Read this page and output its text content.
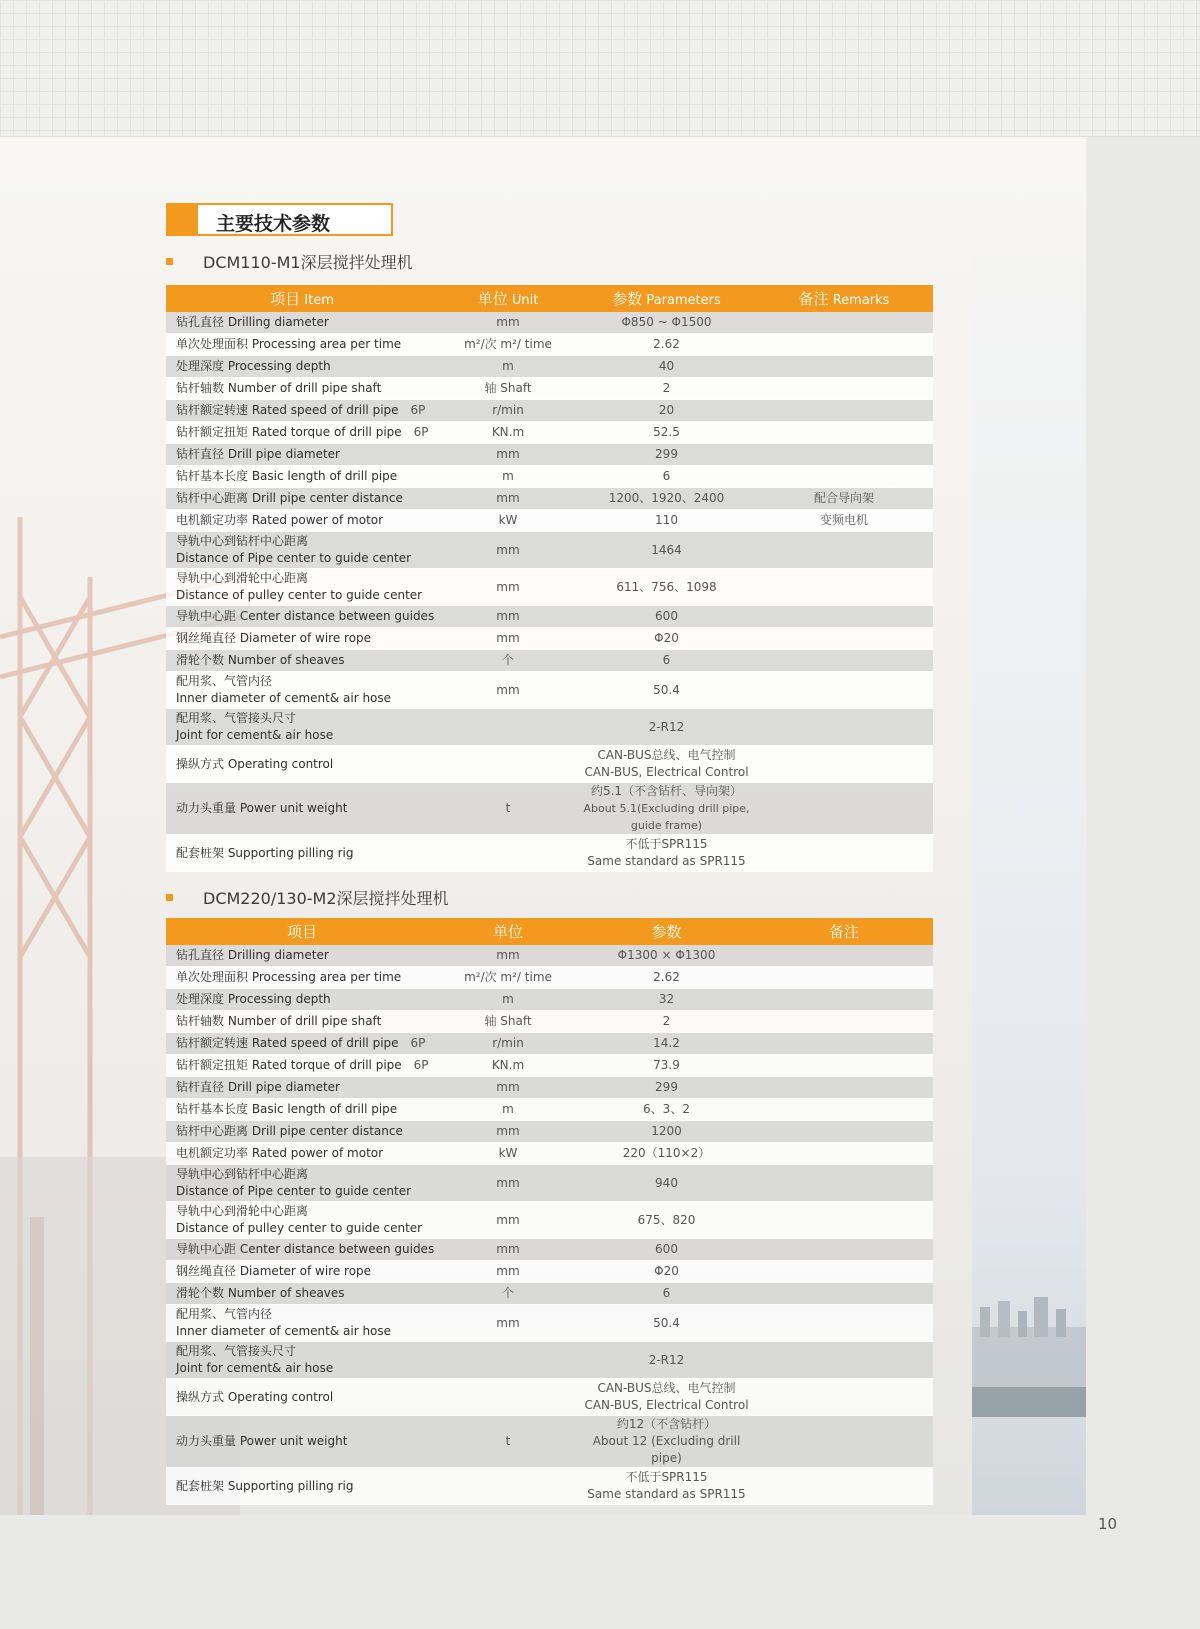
主要技术参数
DCM110-M1深层搅拌处理机
项目 Item	单位 Unit	参数 Parameters	备注 Remarks
钻孔直径 Drilling diameter	mm	Φ850 ~ Φ1500	
单次处理面积 Processing area per time	m²/次 m²/ time	2.62	
处理深度 Processing depth	m	40	
钻杆轴数 Number of drill pipe shaft	轴 Shaft	2	
钻杆额定转速 Rated speed of drill pipe 6P	r/min	20	
钻杆额定扭矩 Rated torque of drill pipe 6P	KN.m	52.5	
钻杆直径 Drill pipe diameter	mm	299	
钻杆基本长度 Basic length of drill pipe	m	6	
钻杆中心距离 Drill pipe center distance	mm	1200、1920、2400	配合导向架
电机额定功率 Rated power of motor	kW	110	变频电机
导轨中心到钻杆中心距离
Distance of Pipe center to guide center	mm	1464	
导轨中心到滑轮中心距离
Distance of pulley center to guide center	mm	611、756、1098	
导轨中心距 Center distance between guides	mm	600	
钢丝绳直径 Diameter of wire rope	mm	Φ20	
滑轮个数 Number of sheaves	个	6	
配用浆、气管内径
Inner diameter of cement& air hose	mm	50.4	
配用浆、气管接头尺寸
Joint for cement& air hose		2-R12	
操纵方式 Operating control		CAN-BUS总线、电气控制
CAN-BUS, Electrical Control	
动力头重量 Power unit weight	t	约5.1（不含钻杆、导向架）
About 5.1(Excluding drill pipe, guide frame)	
配套桩架 Supporting pilling rig		不低于SPR115
Same standard as SPR115	
DCM220/130-M2深层搅拌处理机
项目	单位	参数	备注
钻孔直径 Drilling diameter	mm	Φ1300 × Φ1300	
单次处理面积 Processing area per time	m²/次 m²/ time	2.62	
处理深度 Processing depth	m	32	
钻杆轴数 Number of drill pipe shaft	轴 Shaft	2	
钻杆额定转速 Rated speed of drill pipe 6P	r/min	14.2	
钻杆额定扭矩 Rated torque of drill pipe 6P	KN.m	73.9	
钻杆直径 Drill pipe diameter	mm	299	
钻杆基本长度 Basic length of drill pipe	m	6、3、2	
钻杆中心距离 Drill pipe center distance	mm	1200	
电机额定功率 Rated power of motor	kW	220（110×2）	
导轨中心到钻杆中心距离
Distance of Pipe center to guide center	mm	940	
导轨中心到滑轮中心距离
Distance of pulley center to guide center	mm	675、820	
导轨中心距 Center distance between guides	mm	600	
钢丝绳直径 Diameter of wire rope	mm	Φ20	
滑轮个数 Number of sheaves	个	6	
配用浆、气管内径
Inner diameter of cement& air hose	mm	50.4	
配用浆、气管接头尺寸
Joint for cement& air hose		2-R12	
操纵方式 Operating control		CAN-BUS总线、电气控制
CAN-BUS, Electrical Control	
动力头重量 Power unit weight	t	约12（不含钻杆）
About 12 (Excluding drill pipe)	
配套桩架 Supporting pilling rig		不低于SPR115
Same standard as SPR115	
10
